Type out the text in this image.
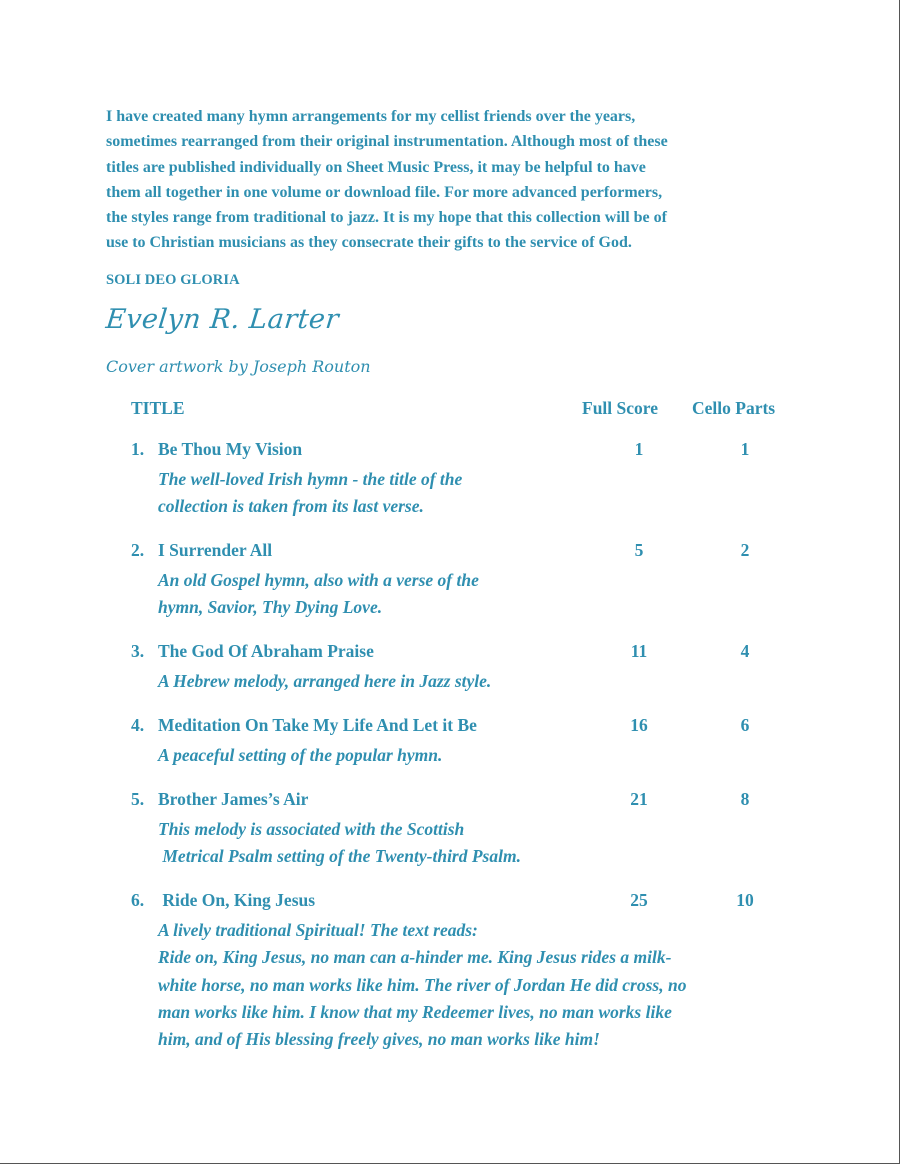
I have created many hymn arrangements for my cellist friends over the years,
sometimes rearranged from their original instrumentation. Although most of these
titles are published individually on Sheet Music Press, it may be helpful to have
them all together in one volume or download file. For more advanced performers,
the styles range from traditional to jazz. It is my hope that this collection will be of
use to Christian musicians as they consecrate their gifts to the service of God.
SOLI DEO GLORIA
Evelyn R. Larter
Cover artwork by Joseph Routon
TITLE	Full Score Cello Parts
1. Be Thou My Vision	1	1
The well-loved Irish hymn - the title of the
collection is taken from its last verse.
2. I Surrender All	5	2
An old Gospel hymn, also with a verse of the
hymn, Savior, Thy Dying Love.
3. The God Of Abraham Praise	11	4
A Hebrew melody, arranged here in Jazz style.
4. Meditation On Take My Life And Let it Be	16	6
A peaceful setting of the popular hymn.
5. Brother James’s Air	21	8
This melody is associated with the Scottish
Metrical Psalm setting of the Twenty-third Psalm.
6. Ride On, King Jesus	25	10
A lively traditional Spiritual! The text reads:
Ride on, King Jesus, no man can a-hinder me. King Jesus rides a milk-
white horse, no man works like him. The river of Jordan He did cross, no
man works like him. I know that my Redeemer lives, no man works like
him, and of His blessing freely gives, no man works like him!
